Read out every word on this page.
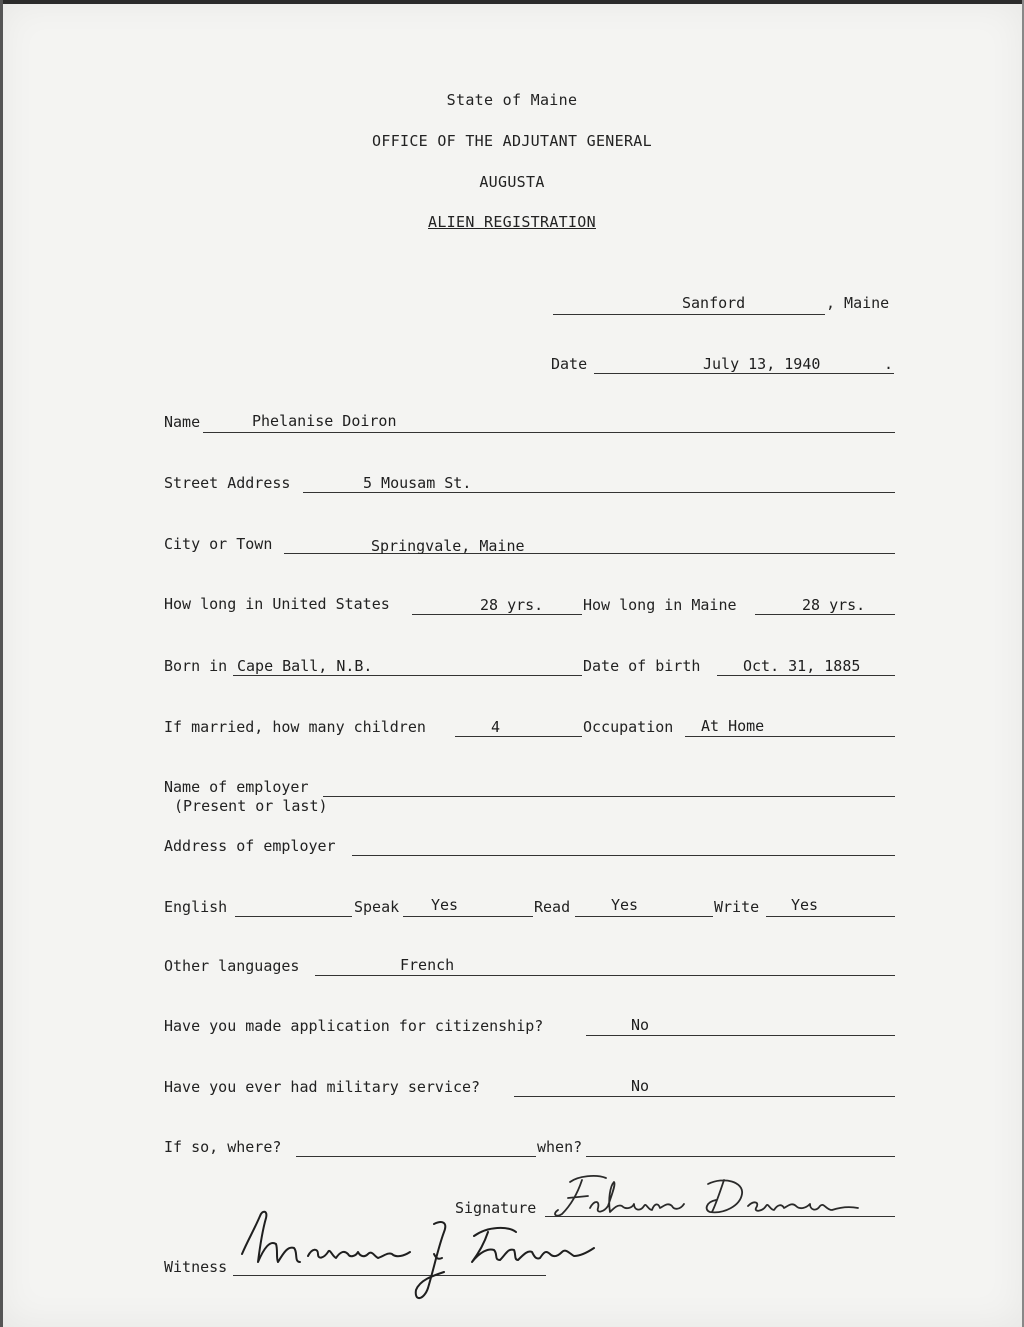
State of Maine
OFFICE OF THE ADJUTANT GENERAL
AUGUSTA
ALIEN REGISTRATION
Sanford	, Maine
Date	July 13, 1940	.
Name	Phelanise Doiron
Street Address	5 Mousam St.
City or Town	Springvale, Maine
How long in United States	28 yrs.	How long in Maine	28 yrs.
Born in Cape Ball, N.B.	Date of birth	Oct. 31, 1885
If married, how many children	4	Occupation At Home
Name of employer
(Present or last)
Address of employer
English	Speak Yes	Read	Yes	Write Yes
Other languages	French
Have you made application for citizenship?	No
Have you ever had military service?	No
If so, where?	when?
Signature
Witness
